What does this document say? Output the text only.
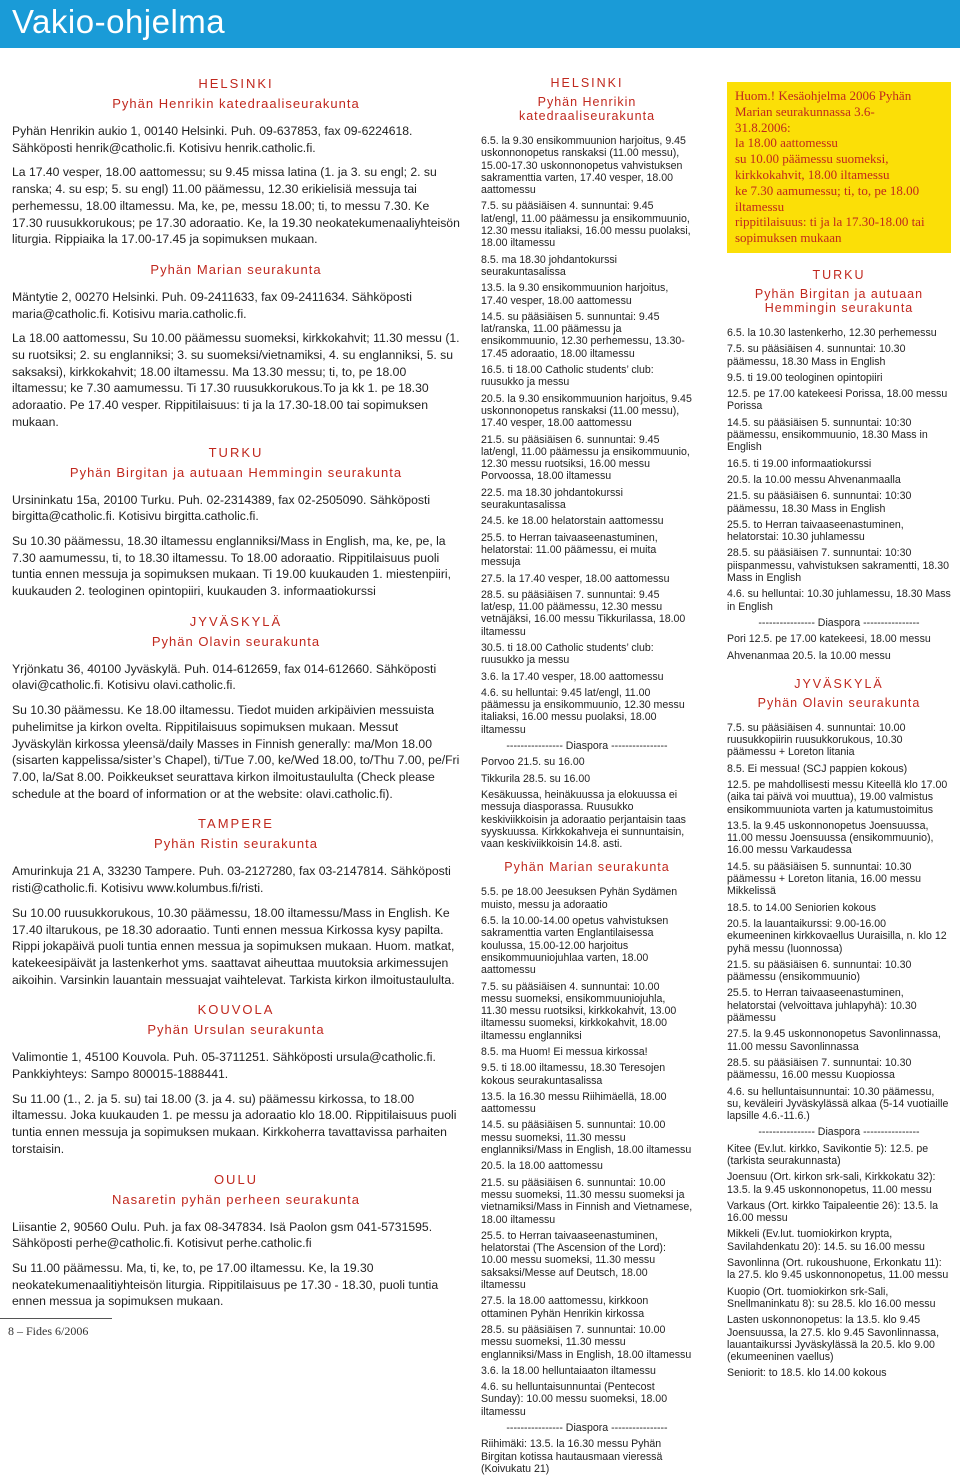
Vakio-ohjelma
HELSINKI
Pyhän Henrikin katedraaliseurakunta

Pyhän Henrikin aukio 1, 00140 Helsinki. Puh. 09-637853, fax 09-6224618. Sähköposti henrik@catholic.fi. Kotisivu henrik.catholic.fi.

La 17.40 vesper, 18.00 aattomessu; su 9.45 missa latina (1. ja 3. su engl; 2. su ranska; 4. su esp; 5. su engl) 11.00 päämessu, 12.30 erikielisiä messuja tai perhemessu, 18.00 iltamessu. Ma, ke, pe, messu 18.00; ti, to messu 7.30. Ke 17.30 ruusukkorukous; pe 17.30 adoraatio. Ke, la 19.30 neokatekumenaaliyhteisön liturgia. Rippiaika la 17.00-17.45 ja sopimuksen mukaan.

Pyhän Marian seurakunta

Mäntytie 2, 00270 Helsinki. Puh. 09-2411633, fax 09-2411634. Sähköposti maria@catholic.fi. Kotisivu maria.catholic.fi.

La 18.00 aattomessu, Su 10.00 päämessu suomeksi, kirkkokahvit; 11.30 messu (1. su ruotsiksi; 2. su englanniksi; 3. su suomeksi/vietnamiksi, 4. su englanniksi, 5. su saksaksi), kirkkokahvit; 18.00 iltamessu. Ma 13.30 messu; ti, to, pe 18.00 iltamessu; ke 7.30 aamumessu. Ti 17.30 ruusukkorukous.To ja kk 1. pe 18.30 adoraatio. Pe 17.40 vesper. Rippitilaisuus: ti ja la 17.30-18.00 tai sopimuksen mukaan.

TURKU
Pyhän Birgitan ja autuaan Hemmingin seurakunta

Ursininkatu 15a, 20100 Turku. Puh. 02-2314389, fax 02-2505090. Sähköposti birgitta@catholic.fi. Kotisivu birgitta.catholic.fi.

Su 10.30 päämessu, 18.30 iltamessu englanniksi/Mass in English, ma, ke, pe, la 7.30 aamumessu, ti, to 18.30 iltamessu. To 18.00 adoraatio. Rippitilaisuus puoli tuntia ennen messuja ja sopimuksen mukaan. Ti 19.00 kuukauden 1. miestenpiiri, kuukauden 2. teologinen opintopiiri, kuukauden 3. informaatiokurssi

JYVÄSKYLÄ
Pyhän Olavin seurakunta

Yrjönkatu 36, 40100 Jyväskylä. Puh. 014-612659, fax 014-612660. Sähköposti olavi@catholic.fi. Kotisivu olavi.catholic.fi.

Su 10.30 päämessu. Ke 18.00 iltamessu. Tiedot muiden arkipäivien messuista puhelimitse ja kirkon ovelta. Rippitilaisuus sopimuksen mukaan. Messut Jyväskylän kirkossa yleensä/daily Masses in Finnish generally: ma/Mon 18.00 (sisarten kappelissa/sister’s Chapel), ti/Tue 7.00, ke/Wed 18.00, to/Thu 7.00, pe/Fri 7.00, la/Sat 8.00. Poikkeukset seurattava kirkon ilmoitustaululta (Check please schedule at the board of information or at the website: olavi.catholic.fi).

TAMPERE
Pyhän Ristin seurakunta

Amurinkuja 21 A, 33230 Tampere. Puh. 03-2127280, fax 03-2147814. Sähköposti risti@catholic.fi. Kotisivu www.kolumbus.fi/risti.

Su 10.00 ruusukkorukous, 10.30 päämessu, 18.00 iltamessu/Mass in English. Ke 17.40 iltarukous, pe 18.30 adoraatio. Tunti ennen messua Kirkossa kysy papilta. Rippi jokapäivä puoli tuntia ennen messua ja sopimuksen mukaan. Huom. matkat, katekeesipäivät ja lastenkerhot yms. saattavat aiheuttaa muutoksia arkimessujen aikoihin. Varsinkin lauantain messuajat vaihtelevat. Tarkista kirkon ilmoitustaululta.

KOUVOLA
Pyhän Ursulan seurakunta

Valimontie 1, 45100 Kouvola. Puh. 05-3711251. Sähköposti ursula@catholic.fi. Pankkiyhteys: Sampo 800015-1888441.

Su 11.00 (1., 2. ja 5. su) tai 18.00 (3. ja 4. su) päämessu kirkossa, to 18.00 iltamessu. Joka kuukauden 1. pe messu ja adoraatio klo 18.00. Rippitilaisuus puoli tuntia ennen messuja ja sopimuksen mukaan. Kirkkoherra tavattavissa parhaiten torstaisin.

OULU
Nasaretin pyhän perheen seurakunta

Liisantie 2, 90560 Oulu. Puh. ja fax 08-347834. Isä Paolon gsm 041-5731595. Sähköposti perhe@catholic.fi. Kotisivut perhe.catholic.fi

Su 11.00 päämessu. Ma, ti, ke, to, pe 17.00 iltamessu. Ke, la 19.30 neokatekumenaalitiyhteisön liturgia. Rippitilaisuus pe 17.30 - 18.30, puoli tuntia ennen messua ja sopimuksen mukaan.

HELSINKI
Pyhän Henrikin katedraaliseurakunta

6.5. la 9.30 ensikommuunion harjoitus, 9.45 uskonnonopetus ranskaksi (11.00 messu), 15.00-17.30 uskonnonopetus vahvistuksen sakramenttia varten, 17.40 vesper, 18.00 aattomessu

7.5. su pääsiäisen 4. sunnuntai: 9.45 lat/engl, 11.00 päämessu ja ensikommuunio, 12.30 messu italiaksi, 16.00 messu puolaksi, 18.00 iltamessu

8.5. ma 18.30 johdantokurssi seurakuntasalissa

13.5. la 9.30 ensikommuunion harjoitus, 17.40 vesper, 18.00 aattomessu

14.5. su pääsiäisen 5. sunnuntai: 9.45 lat/ranska, 11.00 päämessu ja ensikommuunio, 12.30 perhemessu, 13.30-17.45 adoraatio, 18.00 iltamessu

16.5. ti 18.00 Catholic students’ club: ruusukko ja messu

20.5. la 9.30 ensikommuunion harjoitus, 9.45 uskonnonopetus ranskaksi (11.00 messu), 17.40 vesper, 18.00 aattomessu

21.5. su pääsiäisen 6. sunnuntai: 9.45 lat/engl, 11.00 päämessu ja ensikommuunio, 12.30 messu ruotsiksi, 16.00 messu Porvoossa, 18.00 iltamessu

22.5. ma 18.30 johdantokurssi seurakuntasalissa

24.5. ke 18.00 helatorstain aattomessu

25.5. to Herran taivaaseenastuminen, helatorstai: 11.00 päämessu, ei muita messuja

27.5. la 17.40 vesper, 18.00 aattomessu

28.5. su pääsiäisen 7. sunnuntai: 9.45 lat/esp, 11.00 päämessu, 12.30 messu vetnäjäksi, 16.00 messu Tikkurilassa, 18.00 iltamessu

30.5. ti 18.00 Catholic students’ club: ruusukko ja messu

3.6. la 17.40 vesper, 18.00 aattomessu

4.6. su helluntai: 9.45 lat/engl, 11.00 päämessu ja ensikommuunio, 12.30 messu italiaksi, 16.00 messu puolaksi, 18.00 iltamessu

---------------- Diaspora ----------------

Porvoo 21.5. su 16.00

Tikkurila 28.5. su 16.00

Kesäkuussa, heinäkuussa ja elokuussa ei messuja diasporassa. Ruusukko keskiviikkoisin ja adoraatio perjantaisin taas syyskuussa. Kirkkokahveja ei sunnuntaisin, vaan keskiviikkoisin 14.8. asti.

Pyhän Marian seurakunta

5.5. pe 18.00 Jeesuksen Pyhän Sydämen muisto, messu ja adoraatio

6.5. la 10.00-14.00 opetus vahvistuksen sakramenttia varten Englantilaisessa koulussa, 15.00-12.00 harjoitus ensikommuuniojuhlaa varten, 18.00 aattomessu

7.5. su pääsiäisen 4. sunnuntai: 10.00 messu suomeksi, ensikommuuniojuhla, 11.30 messu ruotsiksi, kirkkokahvit, 13.00 iltamessu suomeksi, kirkkokahvit, 18.00 iltamessu englanniksi

8.5. ma Huom! Ei messua kirkossa!

9.5. ti 18.00 iltamessu, 18.30 Teresojen kokous seurakuntasalissa

13.5. la 16.30 messu Riihimäellä, 18.00 aattomessu

14.5. su pääsiäisen 5. sunnuntai: 10.00 messu suomeksi, 11.30 messu englanniksi/Mass in English, 18.00 iltamessu

20.5. la 18.00 aattomessu

21.5. su pääsiäisen 6. sunnuntai: 10.00 messu suomeksi, 11.30 messu suomeksi ja vietnamiksi/Mass in Finnish and Vietnamese, 18.00 iltamessu

25.5. to Herran taivaaseenastuminen, helatorstai (The Ascension of the Lord): 10.00 messu suomeksi, 11.30 messu saksaksi/Messe auf Deutsch, 18.00 iltamessu

27.5. la 18.00 aattomessu, kirkkoon ottaminen Pyhän Henrikin kirkossa

28.5. su pääsiäisen 7. sunnuntai: 10.00 messu suomeksi, 11.30 messu englanniksi/Mass in English, 18.00 iltamessu

3.6. la 18.00 helluntaiaaton iltamessu

4.6. su helluntaisunnuntai (Pentecost Sunday): 10.00 messu suomeksi, 18.00 iltamessu

---------------- Diaspora ----------------

Riihimäki: 13.5. la 16.30 messu Pyhän Birgitan kotissa hautausmaan vieressä (Koivukatu 21)

Huom.! Kesäohjelma 2006 Pyhän Marian seurakunnassa 3.6-
31.8.2006:
la 18.00 aattomessu
su 10.00 päämessu suomeksi, kirkkokahvit, 18.00 iltamessu
ke 7.30 aamumessu; ti, to, pe 18.00 iltamessu
rippitilaisuus: ti ja la 17.30-18.00 tai sopimuksen mukaan
TURKU
Pyhän Birgitan ja autuaan Hemmingin seurakunta

6.5. la 10.30 lastenkerho, 12.30 perhemessu

7.5. su pääsiäisen 4. sunnuntai: 10.30 päämessu, 18.30 Mass in English

9.5. ti 19.00 teologinen opintopiiri

12.5. pe 17.00 katekeesi Porissa, 18.00 messu Porissa

14.5. su pääsiäisen 5. sunnuntai: 10:30 päämessu, ensikommuunio, 18.30 Mass in English

16.5. ti 19.00 informaatiokurssi

20.5. la 10.00 messu Ahvenanmaalla

21.5. su pääsiäisen 6. sunnuntai: 10:30 päämessu, 18.30 Mass in English

25.5. to Herran taivaaseenastuminen, helatorstai: 10.30 juhlamessu

28.5. su pääsiäisen 7. sunnuntai: 10:30 piispanmessu, vahvistuksen sakramentti, 18.30 Mass in English

4.6. su helluntai: 10.30 juhlamessu, 18.30 Mass in English

---------------- Diaspora ----------------

Pori 12.5. pe 17.00 katekeesi, 18.00 messu

Ahvenanmaa 20.5. la 10.00 messu

JYVÄSKYLÄ
Pyhän Olavin seurakunta

7.5. su pääsiäisen 4. sunnuntai: 10.00 ruusukkopiirin ruusukkorukous, 10.30 päämessu + Loreton litania

8.5. Ei messua! (SCJ pappien kokous)

12.5. pe mahdollisesti messu Kiteellä klo 17.00 (aika tai päivä voi muuttua), 19.00 valmistus ensikommuuniota varten ja katumustoimitus

13.5. la 9.45 uskonnonopetus Joensuussa, 11.00 messu Joensuussa (ensikommuunio), 16.00 messu Varkaudessa

14.5. su pääsiäisen 5. sunnuntai: 10.30 päämessu + Loreton litania, 16.00 messu Mikkelissä

18.5. to 14.00 Seniorien kokous

20.5. la lauantaikurssi: 9.00-16.00 ekumeeninen kirkkovaellus Uuraisilla, n. klo 12 pyhä messu (luonnossa)

21.5. su pääsiäisen 6. sunnuntai: 10.30 päämessu (ensikommuunio)

25.5. to Herran taivaaseenastuminen, helatorstai (velvoittava juhlapyhä): 10.30 päämessu

27.5. la 9.45 uskonnonopetus Savonlinnassa, 11.00 messu Savonlinnassa

28.5. su pääsiäisen 7. sunnuntai: 10.30 päämessu, 16.00 messu Kuopiossa

4.6. su helluntaisunnuntai: 10.30 päämessu, su, keväleiri Jyväskylässä alkaa (5-14 vuotiaille lapsille 4.6.-11.6.)

---------------- Diaspora ----------------

Kitee (Ev.lut. kirkko, Savikontie 5): 12.5. pe (tarkista seurakunnasta)

Joensuu (Ort. kirkon srk-sali, Kirkkokatu 32): 13.5. la 9.45 uskonnonopetus, 11.00 messu

Varkaus (Ort. kirkko Taipaleentie 26): 13.5. la 16.00 messu

Mikkeli (Ev.lut. tuomiokirkon krypta, Savilahdenkatu 20): 14.5. su 16.00 messu

Savonlinna (Ort. rukoushuone, Erkonkatu 11): la 27.5. klo 9.45 uskonnonopetus, 11.00 messu

Kuopio (Ort. tuomiokirkon srk-Sali, Snellmaninkatu 8): su 28.5. klo 16.00 messu

Lasten uskonnonopetus: la 13.5. klo 9.45 Joensuussa, la 27.5. klo 9.45 Savonlinnassa, lauantaikurssi Jyväskylässä la 20.5. klo 9.00 (ekumeeninen vaellus)

Seniorit: to 18.5. klo 14.00 kokous

8 – Fides 6/2006
